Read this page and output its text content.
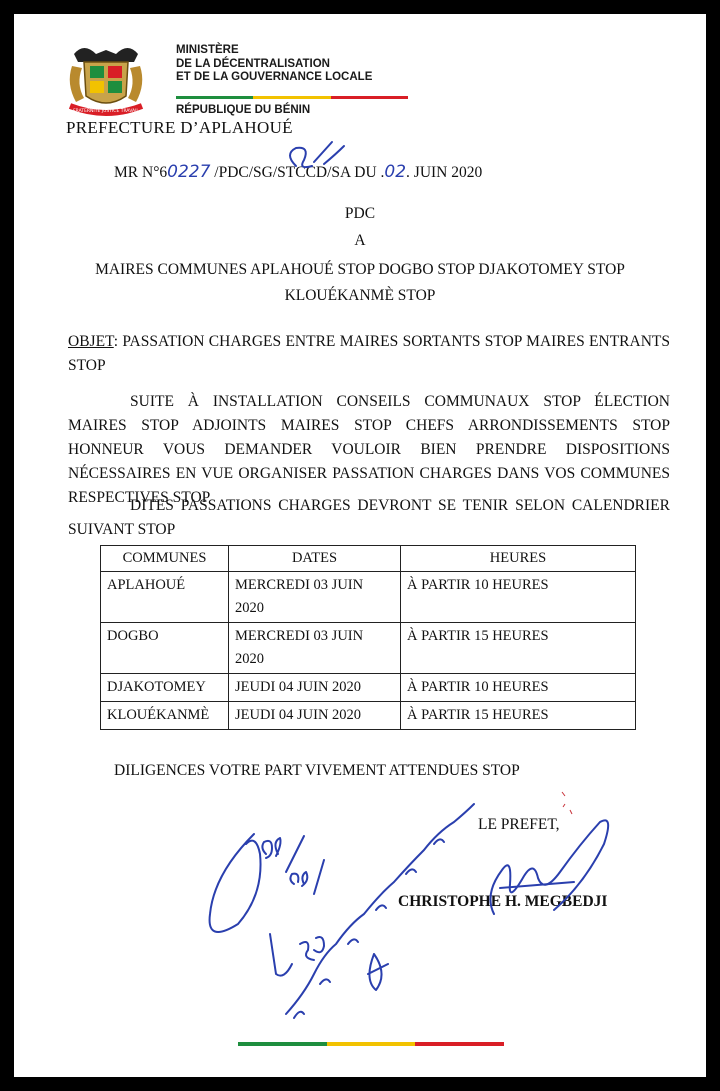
FRATERNITÉ JUSTICE TRAVAIL
MINISTÈRE
DE LA DÉCENTRALISATION
ET DE LA GOUVERNANCE LOCALE
RÉPUBLIQUE DU BÉNIN
PREFECTURE D’APLAHOUÉ
MR N°60227 /PDC/SG/STCCD/SA DU .02. JUIN 2020
PDC
A
MAIRES COMMUNES APLAHOUÉ STOP DOGBO STOP DJAKOTOMEY STOP
KLOUÉKANMÈ STOP
OBJET: PASSATION CHARGES ENTRE MAIRES SORTANTS STOP MAIRES ENTRANTS STOP
SUITE À INSTALLATION CONSEILS COMMUNAUX STOP ÉLECTION MAIRES STOP ADJOINTS MAIRES STOP CHEFS ARRONDISSEMENTS STOP HONNEUR VOUS DEMANDER VOULOIR BIEN PRENDRE DISPOSITIONS NÉCESSAIRES EN VUE ORGANISER PASSATION CHARGES DANS VOS COMMUNES RESPECTIVES STOP
DITES PASSATIONS CHARGES DEVRONT SE TENIR SELON CALENDRIER SUIVANT STOP
COMMUNES	DATES	HEURES
APLAHOUÉ	MERCREDI 03 JUIN 2020	À PARTIR 10 HEURES
DOGBO	MERCREDI 03 JUIN 2020	À PARTIR 15 HEURES
DJAKOTOMEY	JEUDI 04 JUIN 2020	À PARTIR 10 HEURES
KLOUÉKANMÈ	JEUDI 04 JUIN 2020	À PARTIR 15 HEURES
DILIGENCES VOTRE PART VIVEMENT ATTENDUES STOP
LE PREFET,
CHRISTOPHE H. MEGBEDJI
